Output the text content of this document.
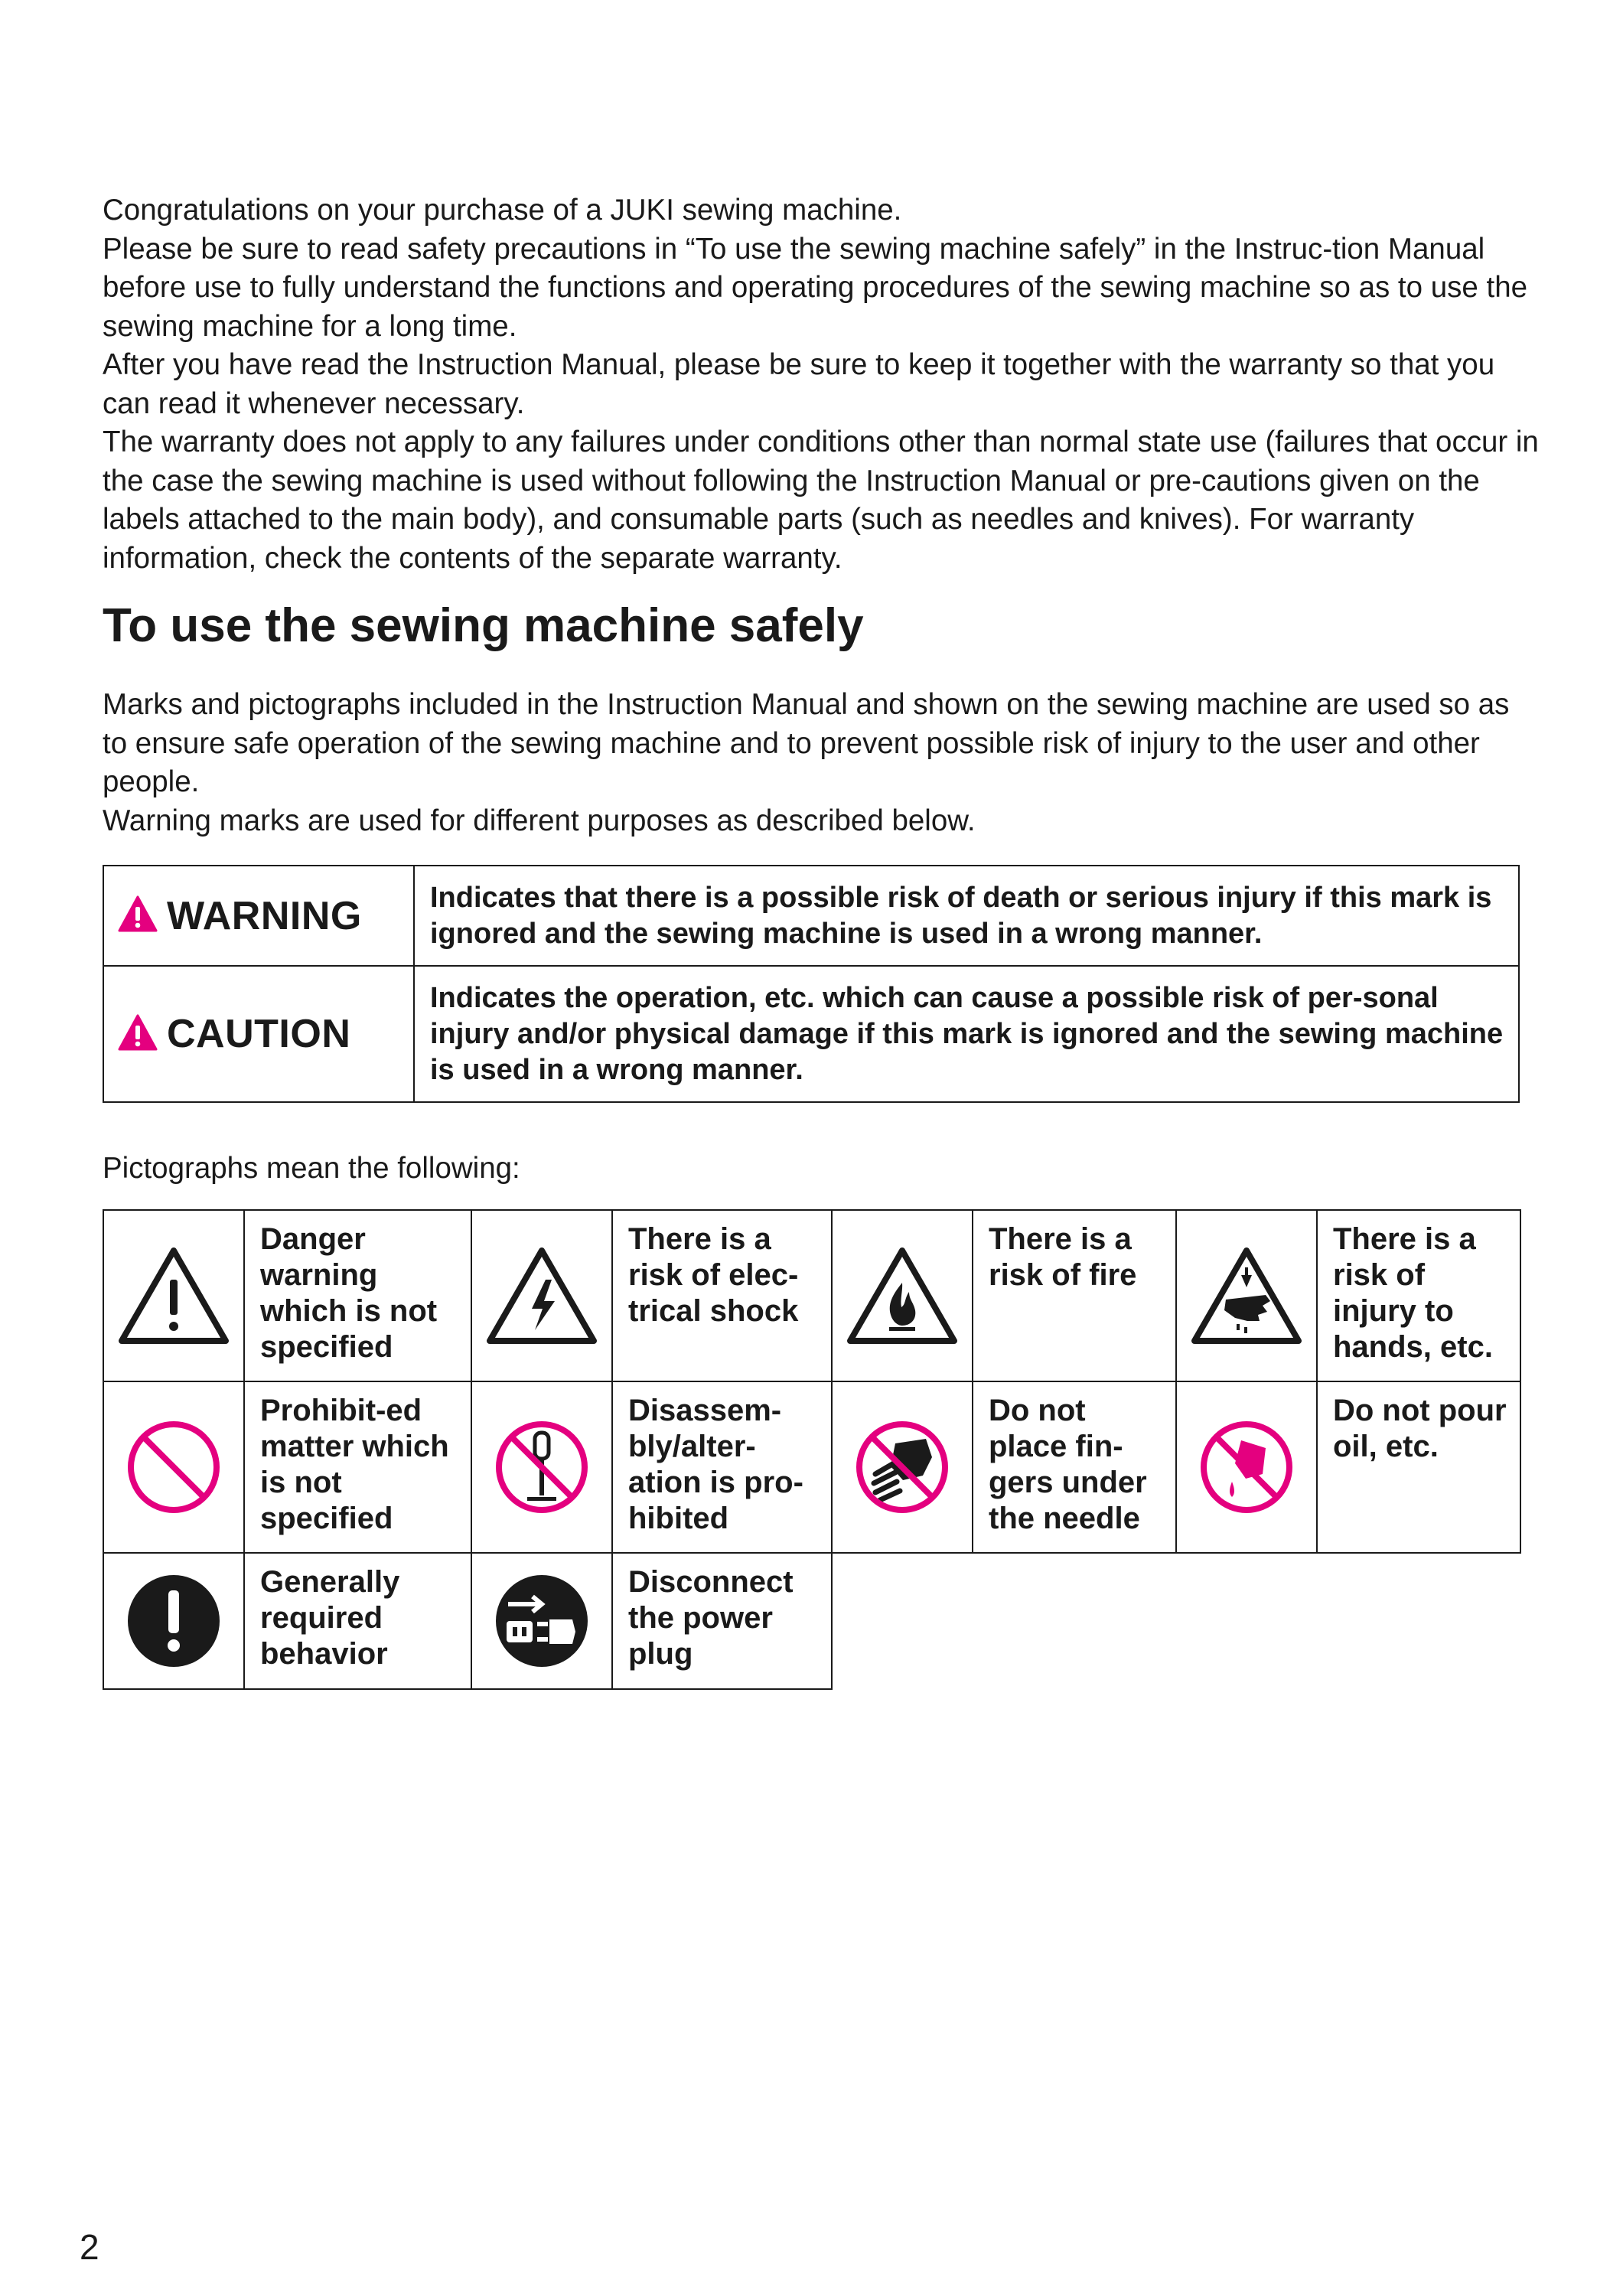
Congratulations on your purchase of a JUKI sewing machine.

Please be sure to read safety precautions in “To use the sewing machine safely” in the Instruc-tion Manual before use to fully understand the functions and operating procedures of the sewing machine so as to use the sewing machine for a long time.

After you have read the Instruction Manual, please be sure to keep it together with the warranty so that you can read it whenever necessary.

The warranty does not apply to any failures under conditions other than normal state use (failures that occur in the case the sewing machine is used without following the Instruction Manual or pre-cautions given on the labels attached to the main body), and consumable parts (such as needles and knives). For warranty information, check the contents of the separate warranty.

To use the sewing machine safely

Marks and pictographs included in the Instruction Manual and shown on the sewing machine are used so as to ensure safe operation of the sewing machine and to prevent possible risk of injury to the user and other people.

Warning marks are used for different purposes as described below.

WARNING	Indicates that there is a possible risk of death or serious injury if this mark is ignored and the sewing machine is used in a wrong manner.

CAUTION	Indicates the operation, etc. which can cause a possible risk of per-sonal injury and/or physical damage if this mark is ignored and the sewing machine is used in a wrong manner.

Pictographs mean the following:

	Danger warning which is not specified		There is a risk of elec-trical shock		There is a risk of fire		There is a risk of injury to hands, etc.

	Prohibit-ed matter which is not specified		Disassem-bly/alter-ation is pro-hibited		Do not place fin-gers under the needle		Do not pour oil, etc.

	Generally required behavior		Disconnect the power plug				

2
